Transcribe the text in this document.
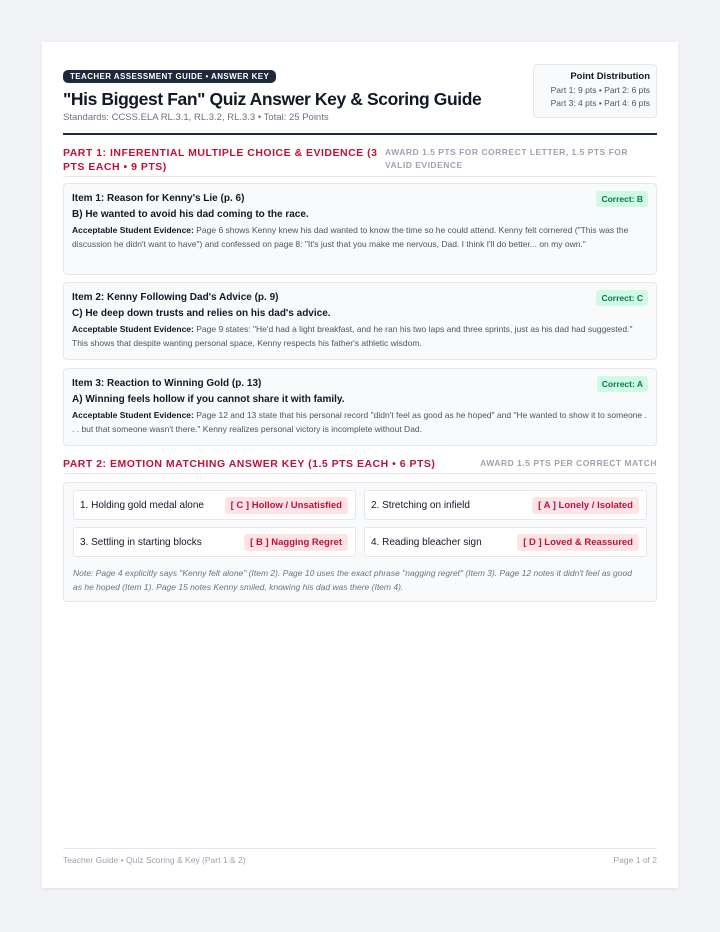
TEACHER ASSESSMENT GUIDE • ANSWER KEY
"His Biggest Fan" Quiz Answer Key & Scoring Guide
Standards: CCSS.ELA RL.3.1, RL.3.2, RL.3.3 • Total: 25 Points
Point Distribution
Part 1: 9 pts • Part 2: 6 pts
Part 3: 4 pts • Part 4: 6 pts
PART 1: INFERENTIAL MULTIPLE CHOICE & EVIDENCE (3 PTS EACH • 9 PTS)
AWARD 1.5 PTS FOR CORRECT LETTER, 1.5 PTS FOR VALID EVIDENCE
Item 1: Reason for Kenny's Lie (p. 6)
B) He wanted to avoid his dad coming to the race.
Acceptable Student Evidence: Page 6 shows Kenny knew his dad wanted to know the time so he could attend. Kenny felt cornered ("This was the discussion he didn't want to have") and confessed on page 8: "It's just that you make me nervous, Dad. I think I'll do better... on my own."
Correct: B
Item 2: Kenny Following Dad's Advice (p. 9)
C) He deep down trusts and relies on his dad's advice.
Acceptable Student Evidence: Page 9 states: "He'd had a light breakfast, and he ran his two laps and three sprints, just as his dad had suggested." This shows that despite wanting personal space, Kenny respects his father's athletic wisdom.
Correct: C
Item 3: Reaction to Winning Gold (p. 13)
A) Winning feels hollow if you cannot share it with family.
Acceptable Student Evidence: Page 12 and 13 state that his personal record "didn't feel as good as he hoped" and "He wanted to show it to someone . . . but that someone wasn't there." Kenny realizes personal victory is incomplete without Dad.
Correct: A
PART 2: EMOTION MATCHING ANSWER KEY (1.5 PTS EACH • 6 PTS)	AWARD 1.5 PTS PER CORRECT MATCH
1. Holding gold medal alone	[ C ] Hollow / Unsatisfied	2. Stretching on infield	[ A ] Lonely / Isolated
3. Settling in starting blocks	[ B ] Nagging Regret	4. Reading bleacher sign	[ D ] Loved & Reassured
Note: Page 4 explicitly says "Kenny felt alone" (Item 2). Page 10 uses the exact phrase "nagging regret" (Item 3). Page 12 notes it didn't feel as good as he hoped (Item 1). Page 15 notes Kenny smiled, knowing his dad was there (Item 4).
Teacher Guide • Quiz Scoring & Key (Part 1 & 2)	Page 1 of 2
